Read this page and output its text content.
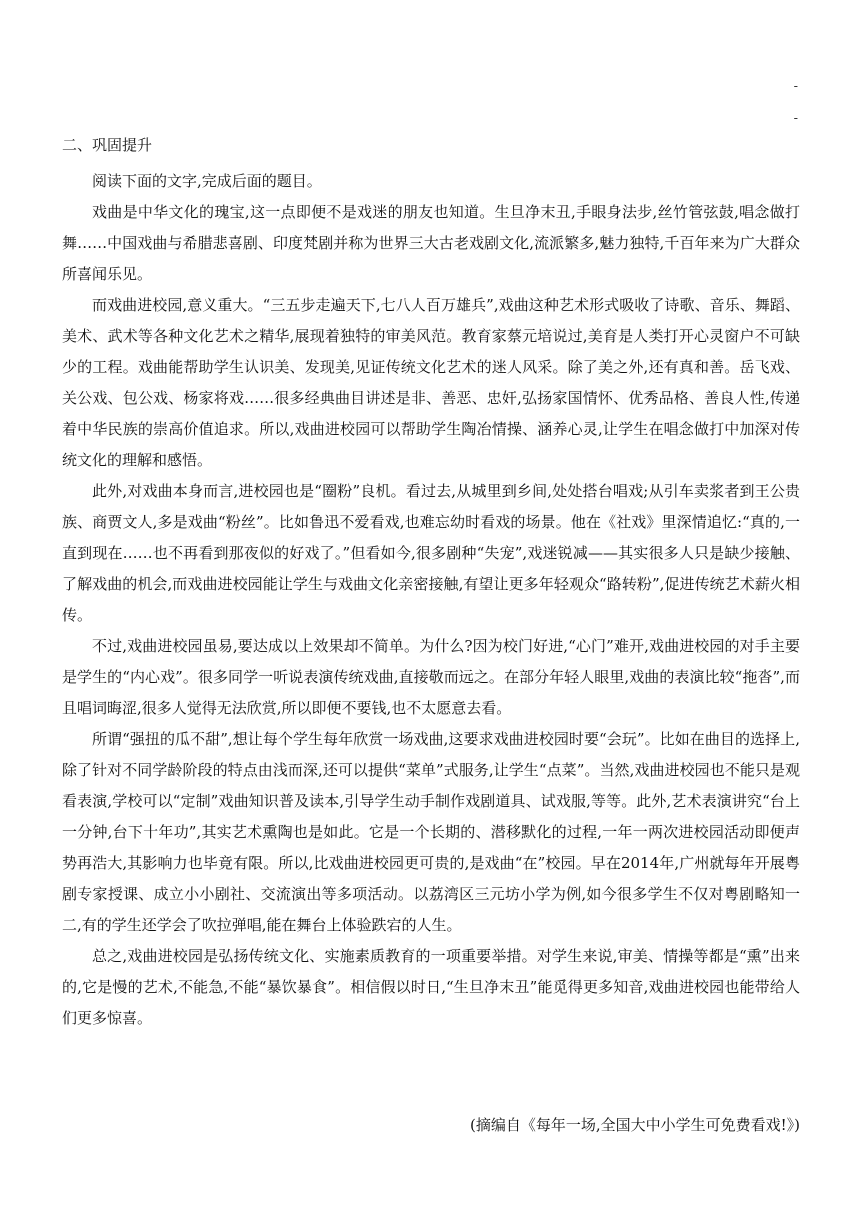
-
-
二、巩固提升

阅读下面的文字,完成后面的题目。

戏曲是中华文化的瑰宝,这一点即便不是戏迷的朋友也知道。生旦净末丑,手眼身法步,丝竹管弦鼓,唱念做打舞……中国戏曲与希腊悲喜剧、印度梵剧并称为世界三大古老戏剧文化,流派繁多,魅力独特,千百年来为广大群众所喜闻乐见。

而戏曲进校园,意义重大。“三五步走遍天下,七八人百万雄兵”,戏曲这种艺术形式吸收了诗歌、音乐、舞蹈、美术、武术等各种文化艺术之精华,展现着独特的审美风范。教育家蔡元培说过,美育是人类打开心灵窗户不可缺少的工程。戏曲能帮助学生认识美、发现美,见证传统文化艺术的迷人风采。除了美之外,还有真和善。岳飞戏、关公戏、包公戏、杨家将戏……很多经典曲目讲述是非、善恶、忠奸,弘扬家国情怀、优秀品格、善良人性,传递着中华民族的崇高价值追求。所以,戏曲进校园可以帮助学生陶冶情操、涵养心灵,让学生在唱念做打中加深对传统文化的理解和感悟。

此外,对戏曲本身而言,进校园也是“圈粉”良机。看过去,从城里到乡间,处处搭台唱戏;从引车卖浆者到王公贵族、商贾文人,多是戏曲“粉丝”。比如鲁迅不爱看戏,也难忘幼时看戏的场景。他在《社戏》里深情追忆:“真的,一直到现在……也不再看到那夜似的好戏了。”但看如今,很多剧种“失宠”,戏迷锐减——其实很多人只是缺少接触、了解戏曲的机会,而戏曲进校园能让学生与戏曲文化亲密接触,有望让更多年轻观众“路转粉”,促进传统艺术薪火相传。

不过,戏曲进校园虽易,要达成以上效果却不简单。为什么?因为校门好进,“心门”难开,戏曲进校园的对手主要是学生的“内心戏”。很多同学一听说表演传统戏曲,直接敬而远之。在部分年轻人眼里,戏曲的表演比较“拖沓”,而且唱词晦涩,很多人觉得无法欣赏,所以即便不要钱,也不太愿意去看。

所谓“强扭的瓜不甜”,想让每个学生每年欣赏一场戏曲,这要求戏曲进校园时要“会玩”。比如在曲目的选择上,除了针对不同学龄阶段的特点由浅而深,还可以提供“菜单”式服务,让学生“点菜”。当然,戏曲进校园也不能只是观看表演,学校可以“定制”戏曲知识普及读本,引导学生动手制作戏剧道具、试戏服,等等。此外,艺术表演讲究“台上一分钟,台下十年功”,其实艺术熏陶也是如此。它是一个长期的、潜移默化的过程,一年一两次进校园活动即便声势再浩大,其影响力也毕竟有限。所以,比戏曲进校园更可贵的,是戏曲“在”校园。早在2014年,广州就每年开展粤剧专家授课、成立小小剧社、交流演出等多项活动。以荔湾区三元坊小学为例,如今很多学生不仅对粤剧略知一二,有的学生还学会了吹拉弹唱,能在舞台上体验跌宕的人生。

总之,戏曲进校园是弘扬传统文化、实施素质教育的一项重要举措。对学生来说,审美、情操等都是“熏”出来的,它是慢的艺术,不能急,不能“暴饮暴食”。相信假以时日,“生旦净末丑”能觅得更多知音,戏曲进校园也能带给人们更多惊喜。

(摘编自《每年一场,全国大中小学生可免费看戏!》)
